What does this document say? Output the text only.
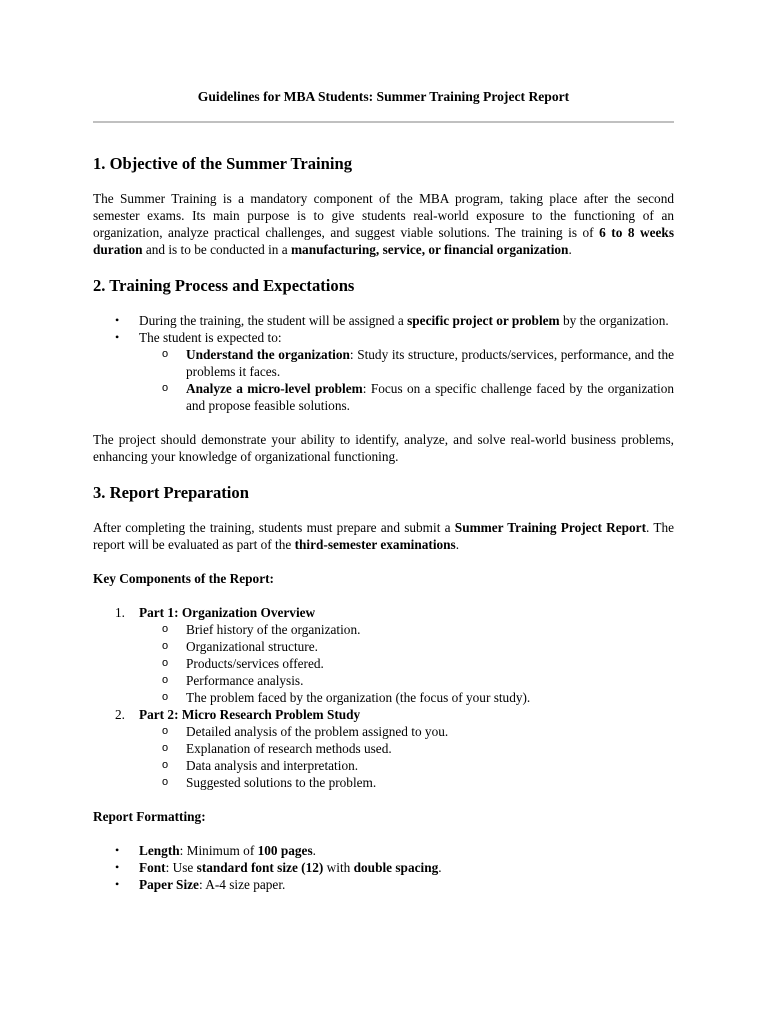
Guidelines for MBA Students: Summer Training Project Report
1. Objective of the Summer Training

The Summer Training is a mandatory component of the MBA program, taking place after the second semester exams. Its main purpose is to give students real-world exposure to the functioning of an organization, analyze practical challenges, and suggest viable solutions. The training is of 6 to 8 weeks duration and is to be conducted in a manufacturing, service, or financial organization.

2. Training Process and Expectations
• During the training, the student will be assigned a specific project or problem by the organization.
• The student is expected to:
o Understand the organization: Study its structure, products/services, performance, and the problems it faces.
o Analyze a micro-level problem: Focus on a specific challenge faced by the organization and propose feasible solutions.

The project should demonstrate your ability to identify, analyze, and solve real-world business problems, enhancing your knowledge of organizational functioning.

3. Report Preparation

After completing the training, students must prepare and submit a Summer Training Project Report. The report will be evaluated as part of the third-semester examinations.

Key Components of the Report:

1. Part 1: Organization Overview
o Brief history of the organization.
o Organizational structure.
o Products/services offered.
o Performance analysis.
o The problem faced by the organization (the focus of your study).
2. Part 2: Micro Research Problem Study
o Detailed analysis of the problem assigned to you.
o Explanation of research methods used.
o Data analysis and interpretation.
o Suggested solutions to the problem.

Report Formatting:

• Length: Minimum of 100 pages.
• Font: Use standard font size (12) with double spacing.
• Paper Size: A-4 size paper.
